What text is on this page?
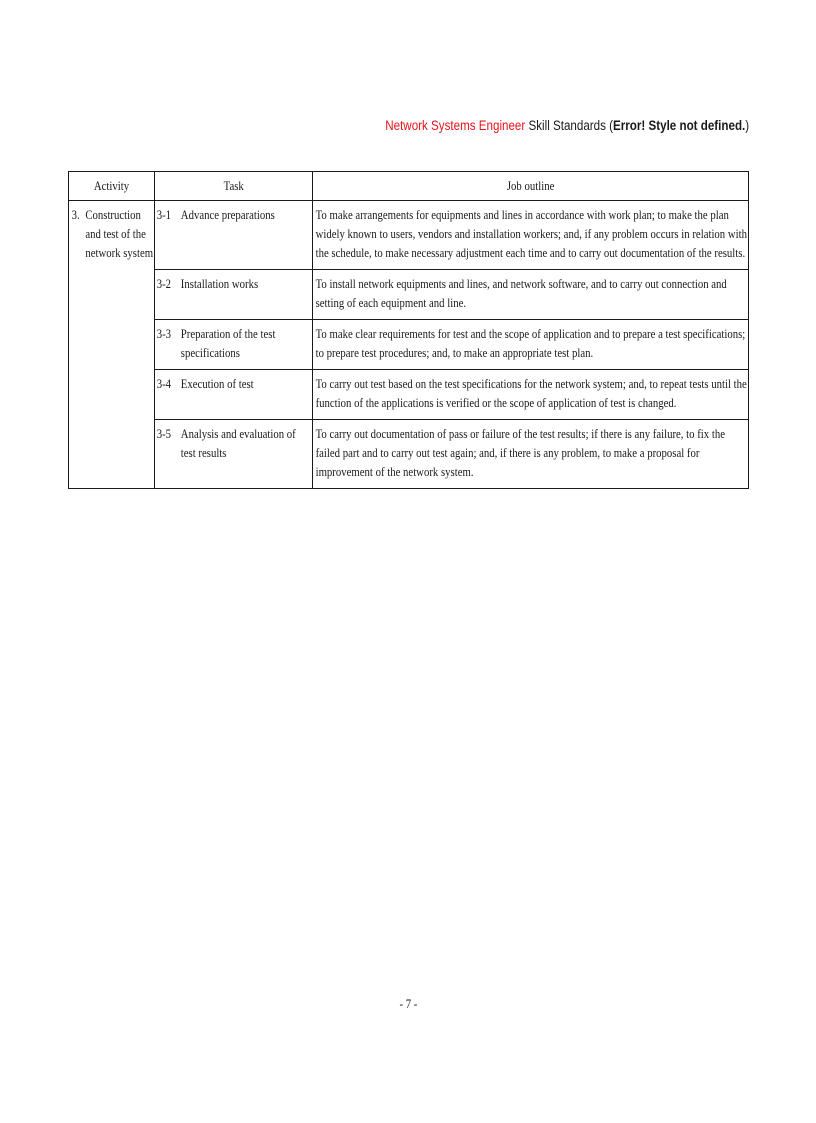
Network Systems Engineer Skill Standards (Error! Style not defined.)
Activity	Task	Job outline

3. Construction and test of the network system	3-1 Advance preparations	To make arrangements for equipments and lines in accordance with work plan; to make the plan widely known to users, vendors and installation workers; and, if any problem occurs in relation with the schedule, to make necessary adjustment each time and to carry out documentation of the results.

	3-2 Installation works	To install network equipments and lines, and network software, and to carry out connection and setting of each equipment and line.

	3-3 Preparation of the test specifications	To make clear requirements for test and the scope of application and to prepare a test specifications; to prepare test procedures; and, to make an appropriate test plan.

	3-4 Execution of test	To carry out test based on the test specifications for the network system; and, to repeat tests until the function of the applications is verified or the scope of application of test is changed.

	3-5 Analysis and evaluation of test results	To carry out documentation of pass or failure of the test results; if there is any failure, to fix the failed part and to carry out test again; and, if there is any problem, to make a proposal for improvement of the network system.
- 7 -
